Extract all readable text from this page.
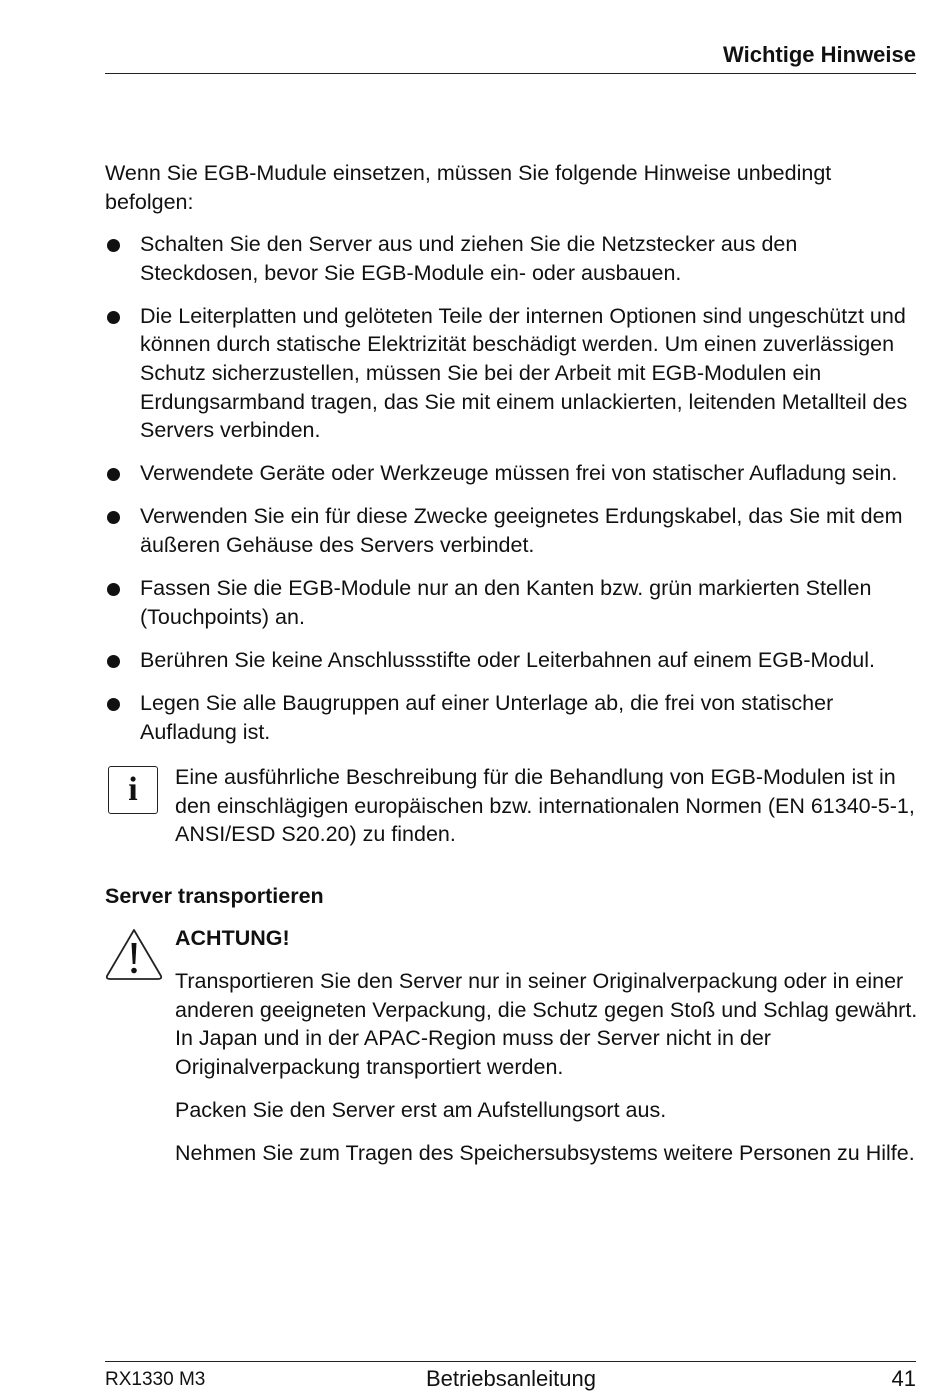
Wichtige Hinweise

Wenn Sie EGB-Mudule einsetzen, müssen Sie folgende Hinweise unbedingt befolgen:

Schalten Sie den Server aus und ziehen Sie die Netzstecker aus den Steckdosen, bevor Sie EGB-Module ein- oder ausbauen.
Die Leiterplatten und gelöteten Teile der internen Optionen sind ungeschützt und können durch statische Elektrizität beschädigt werden. Um einen zuverlässigen Schutz sicherzustellen, müssen Sie bei der Arbeit mit EGB-Modulen ein Erdungsarmband tragen, das Sie mit einem unlackierten, leitenden Metallteil des Servers verbinden.
Verwendete Geräte oder Werkzeuge müssen frei von statischer Aufladung sein.
Verwenden Sie ein für diese Zwecke geeignetes Erdungskabel, das Sie mit dem äußeren Gehäuse des Servers verbindet.
Fassen Sie die EGB-Module nur an den Kanten bzw. grün markierten Stellen (Touchpoints) an.
Berühren Sie keine Anschlussstifte oder Leiterbahnen auf einem EGB-Modul.
Legen Sie alle Baugruppen auf einer Unterlage ab, die frei von statischer Aufladung ist.
i Eine ausführliche Beschreibung für die Behandlung von EGB-Modulen ist in den einschlägigen europäischen bzw. internationalen Normen (EN 61340-5-1, ANSI/ESD S20.20) zu finden.
Server transportieren
ACHTUNG!
Transportieren Sie den Server nur in seiner Originalverpackung oder in einer anderen geeigneten Verpackung, die Schutz gegen Stoß und Schlag gewährt.
In Japan und in der APAC-Region muss der Server nicht in der Originalverpackung transportiert werden.
Packen Sie den Server erst am Aufstellungsort aus.
Nehmen Sie zum Tragen des Speichersubsystems weitere Personen zu Hilfe.
RX1330 M3	Betriebsanleitung	41
